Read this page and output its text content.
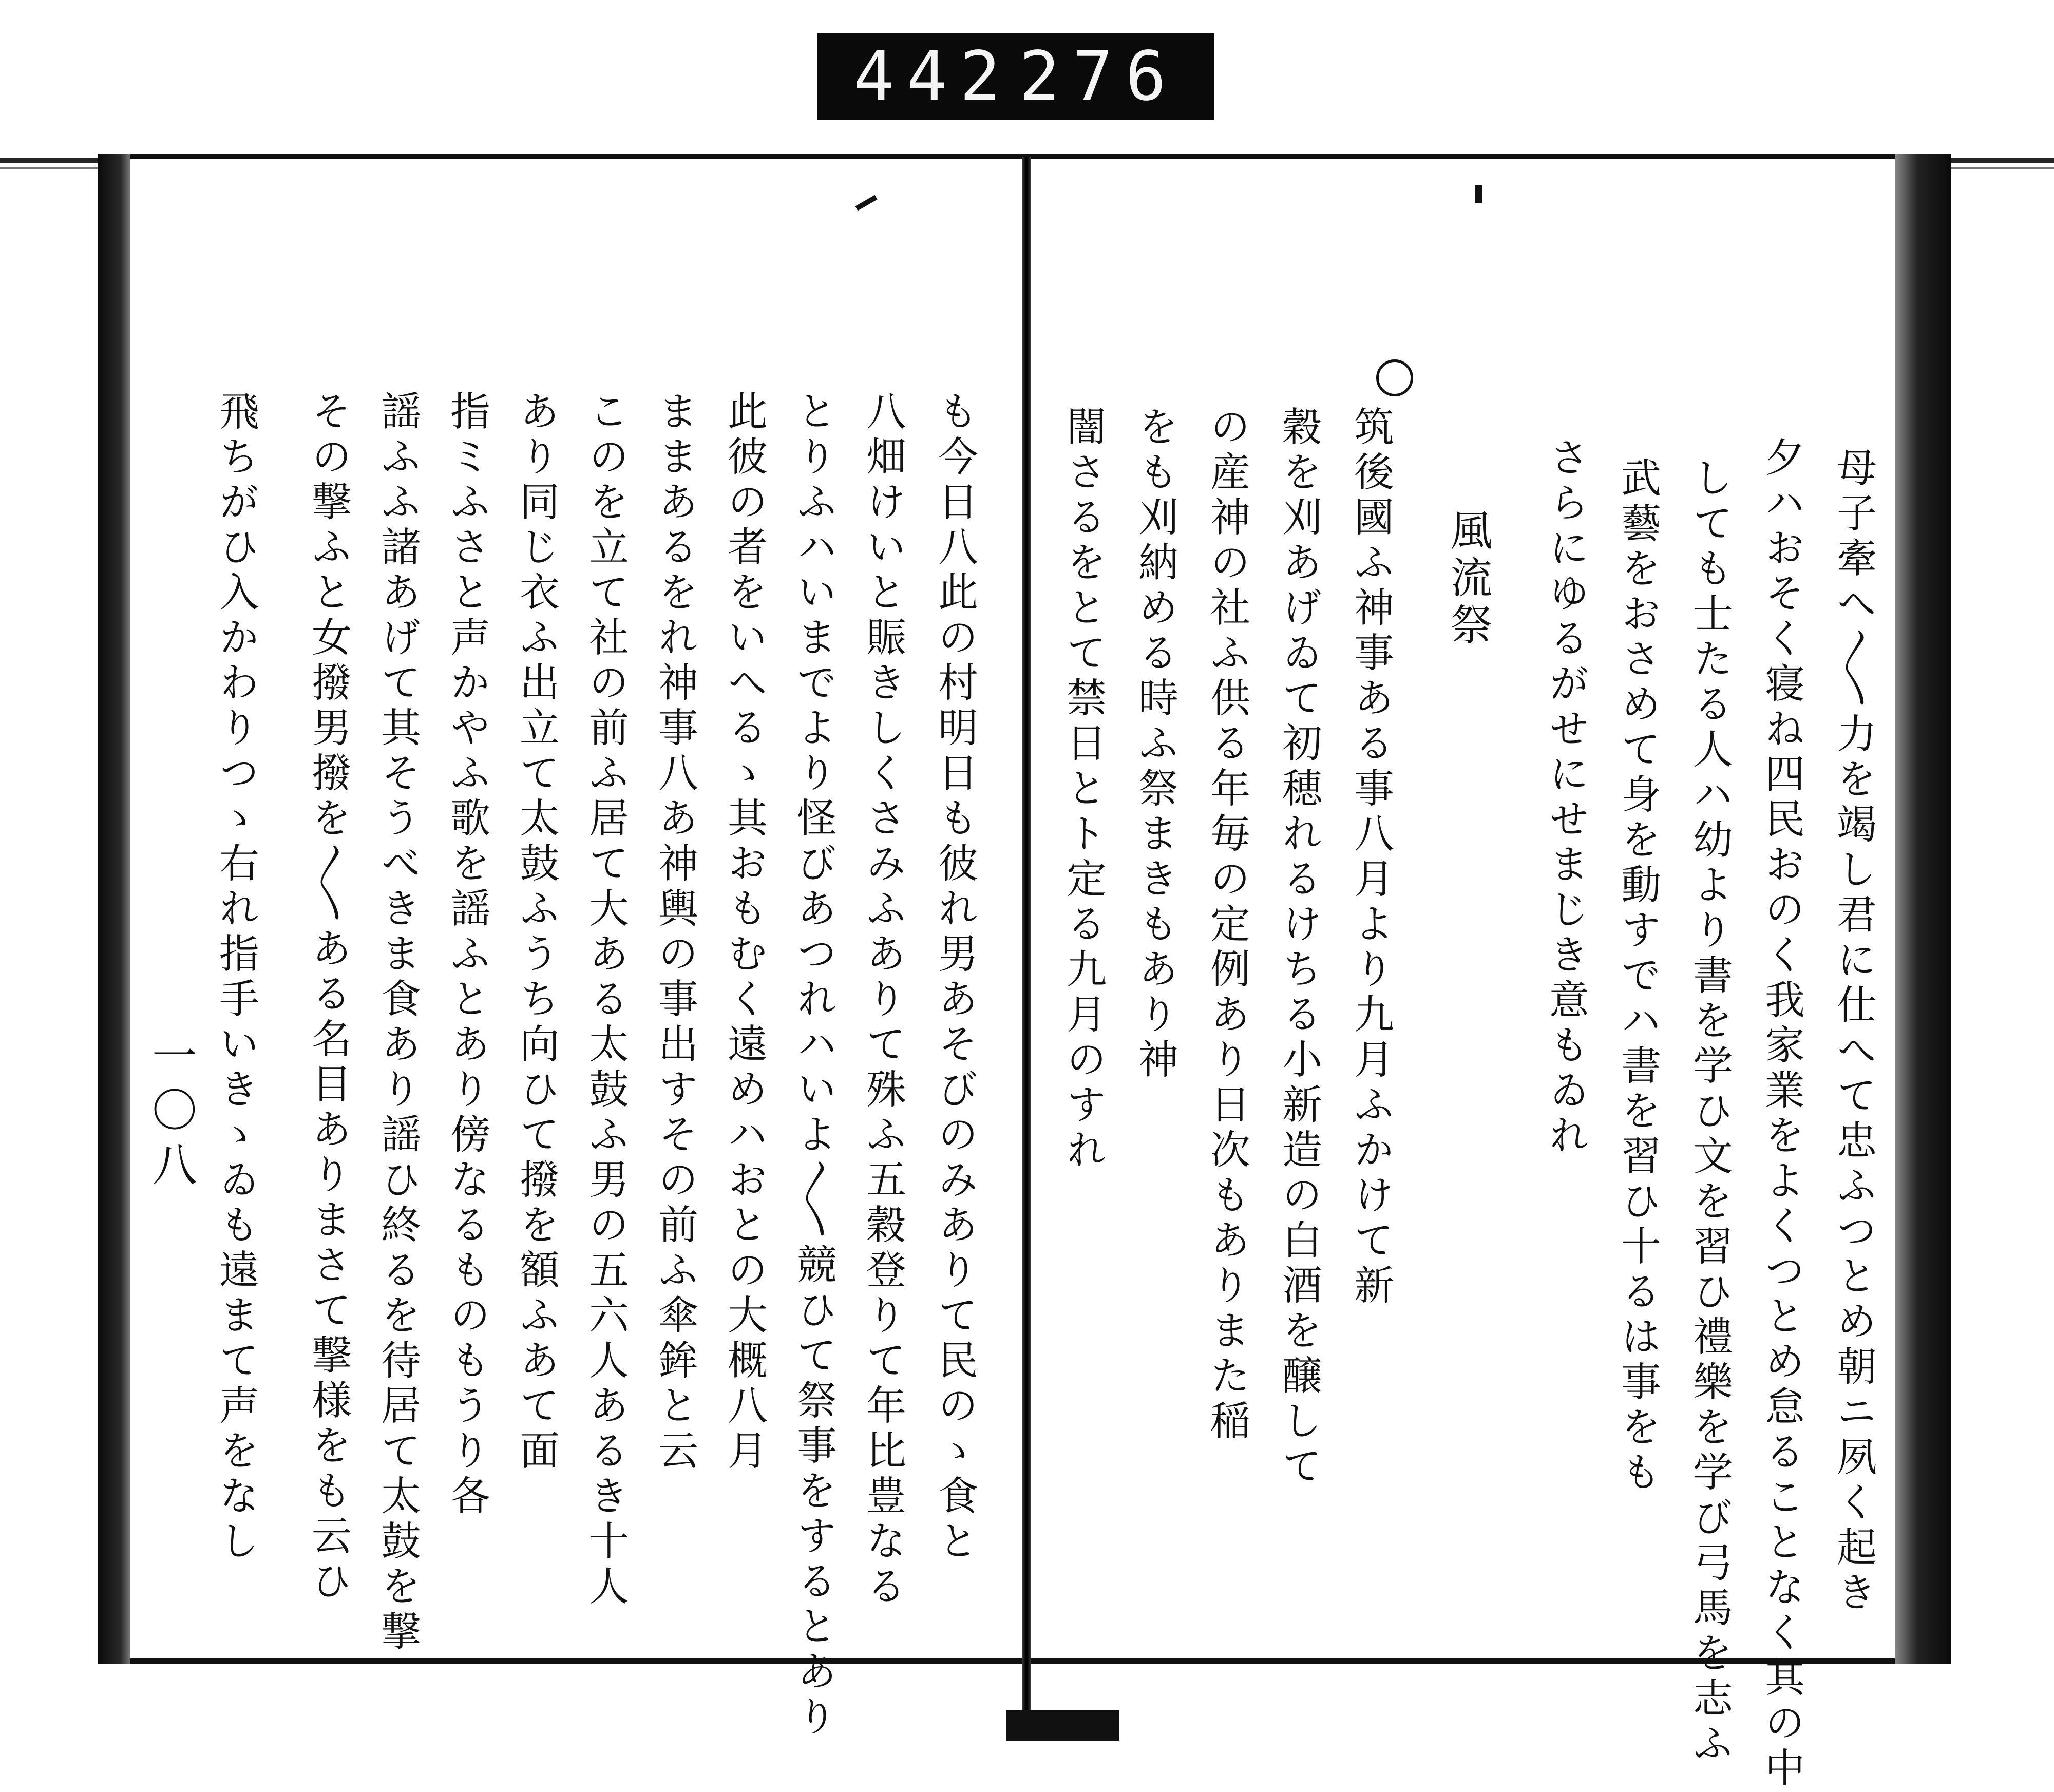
442 276
母子牽へ〳〵力を竭し君に仕へて忠ふつとめ朝ニ夙く起き
夕ハおそく寝ね四民おのく我家業をよくつとめ怠ることなく其の中
しても士たる人ハ幼より書を学ひ文を習ひ禮樂を学び弓馬を志ふ
武藝をおさめて身を動すでハ書を習ひ十るは事をも
さらにゆるがせにせまじき意もゐれ
風流祭
筑後國ふ神事ある事八月より九月ふかけて新
穀を刈あげゐて初穂れるけちる小新造の白酒を醸して
の産神の社ふ供る年毎の定例あり日次もありまた稲
をも刈納める時ふ祭まきもあり神
闇さるをとて禁日とト定る九月のすれ
も今日八此の村明日も彼れ男あそびのみありて民のゝ食と
八畑けいと賑きしくさみふありて殊ふ五穀登りて年比豊なる
とりふハいまでより怪びあつれハいよ〳〵競ひて祭事をするとあり
此彼の者をいへるゝ其おもむく遠めハおとの大概八月
ままあるをれ神事八あ神輿の事出すその前ふ傘鉾と云
このを立て社の前ふ居て大ある太鼓ふ男の五六人あるき十人
あり同じ衣ふ出立て太鼓ふうち向ひて撥を額ふあて面
指ミふさと声かやふ歌を謡ふとあり傍なるものもうり各
謡ふふ諸あげて其そうべきま食あり謡ひ終るを待居て太鼓を撃
その撃ふと女撥男撥を〳〵ある名目ありまさて撃様をも云ひ
飛ちがひ入かわりつゝ右れ指手いきゝゐも遠まて声をなし
一〇八
